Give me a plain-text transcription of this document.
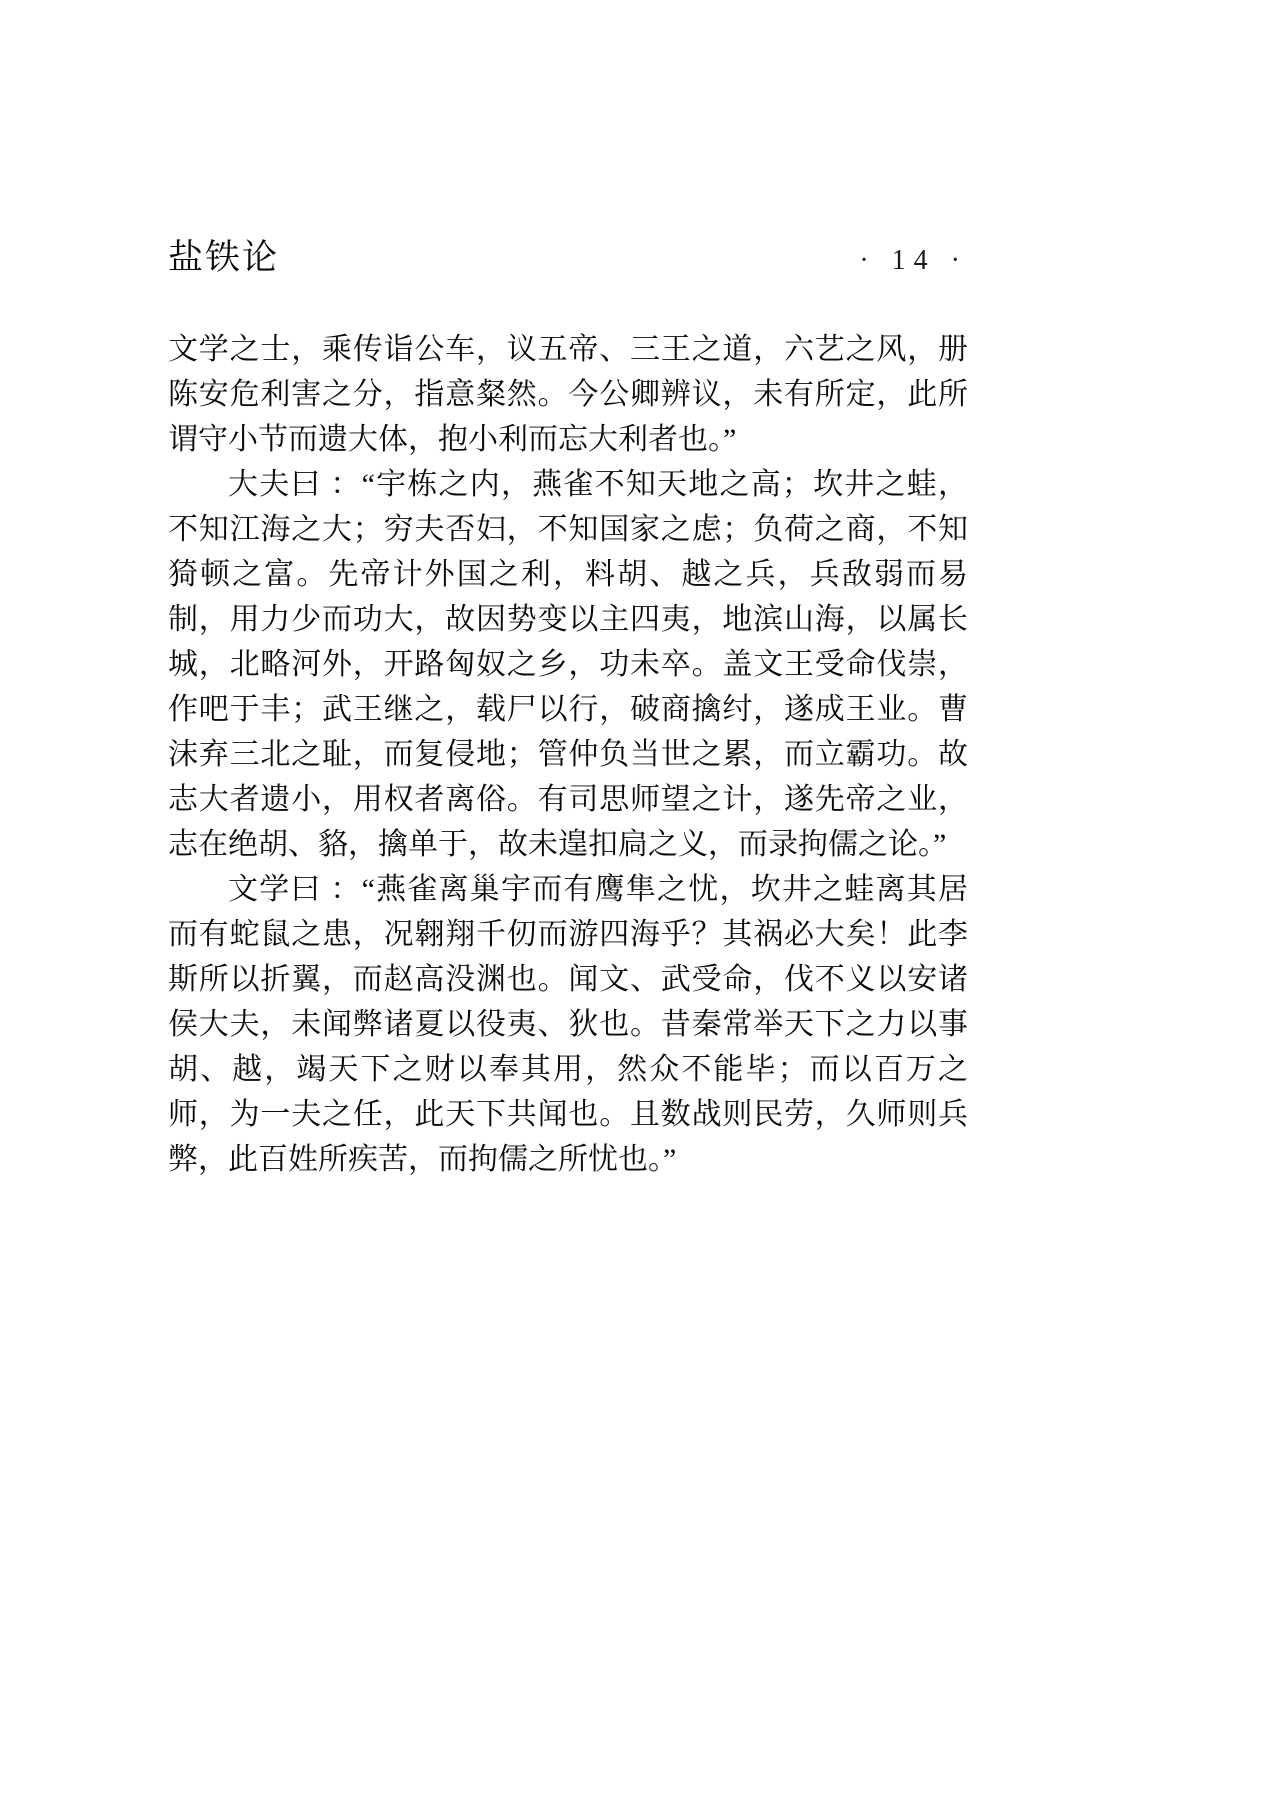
盐铁论	· 14 ·

文学之士，乘传诣公车，议五帝、三王之道，六艺之风，册陈安危利害之分，指意粲然。今公卿辨议，未有所定，此所谓守小节而遗大体，抱小利而忘大利者也。”

大夫曰 ：“宇栋之内，燕雀不知天地之高；坎井之蛙，不知江海之大；穷夫否妇，不知国家之虑；负荷之商，不知猗顿之富。先帝计外国之利，料胡、越之兵，兵敌弱而易制，用力少而功大，故因势变以主四夷，地滨山海，以属长城，北略河外，开路匈奴之乡，功未卒。盖文王受命伐崇，作吧于丰；武王继之，载尸以行，破商擒纣，遂成王业。曹沫弃三北之耻，而复侵地；管仲负当世之累，而立霸功。故志大者遗小，用权者离俗。有司思师望之计，遂先帝之业，志在绝胡、貉，擒单于，故未遑扣扃之义，而录拘儒之论。”

文学曰 ：“燕雀离巢宇而有鹰隼之忧，坎井之蛙离其居而有蛇鼠之患，况翱翔千仞而游四海乎？其祸必大矣！此李斯所以折翼，而赵高没渊也。闻文、武受命，伐不义以安诸侯大夫，未闻弊诸夏以役夷、狄也。昔秦常举天下之力以事胡、越，竭天下之财以奉其用，然众不能毕；而以百万之师，为一夫之任，此天下共闻也。且数战则民劳，久师则兵弊，此百姓所疾苦，而拘儒之所忧也。”
